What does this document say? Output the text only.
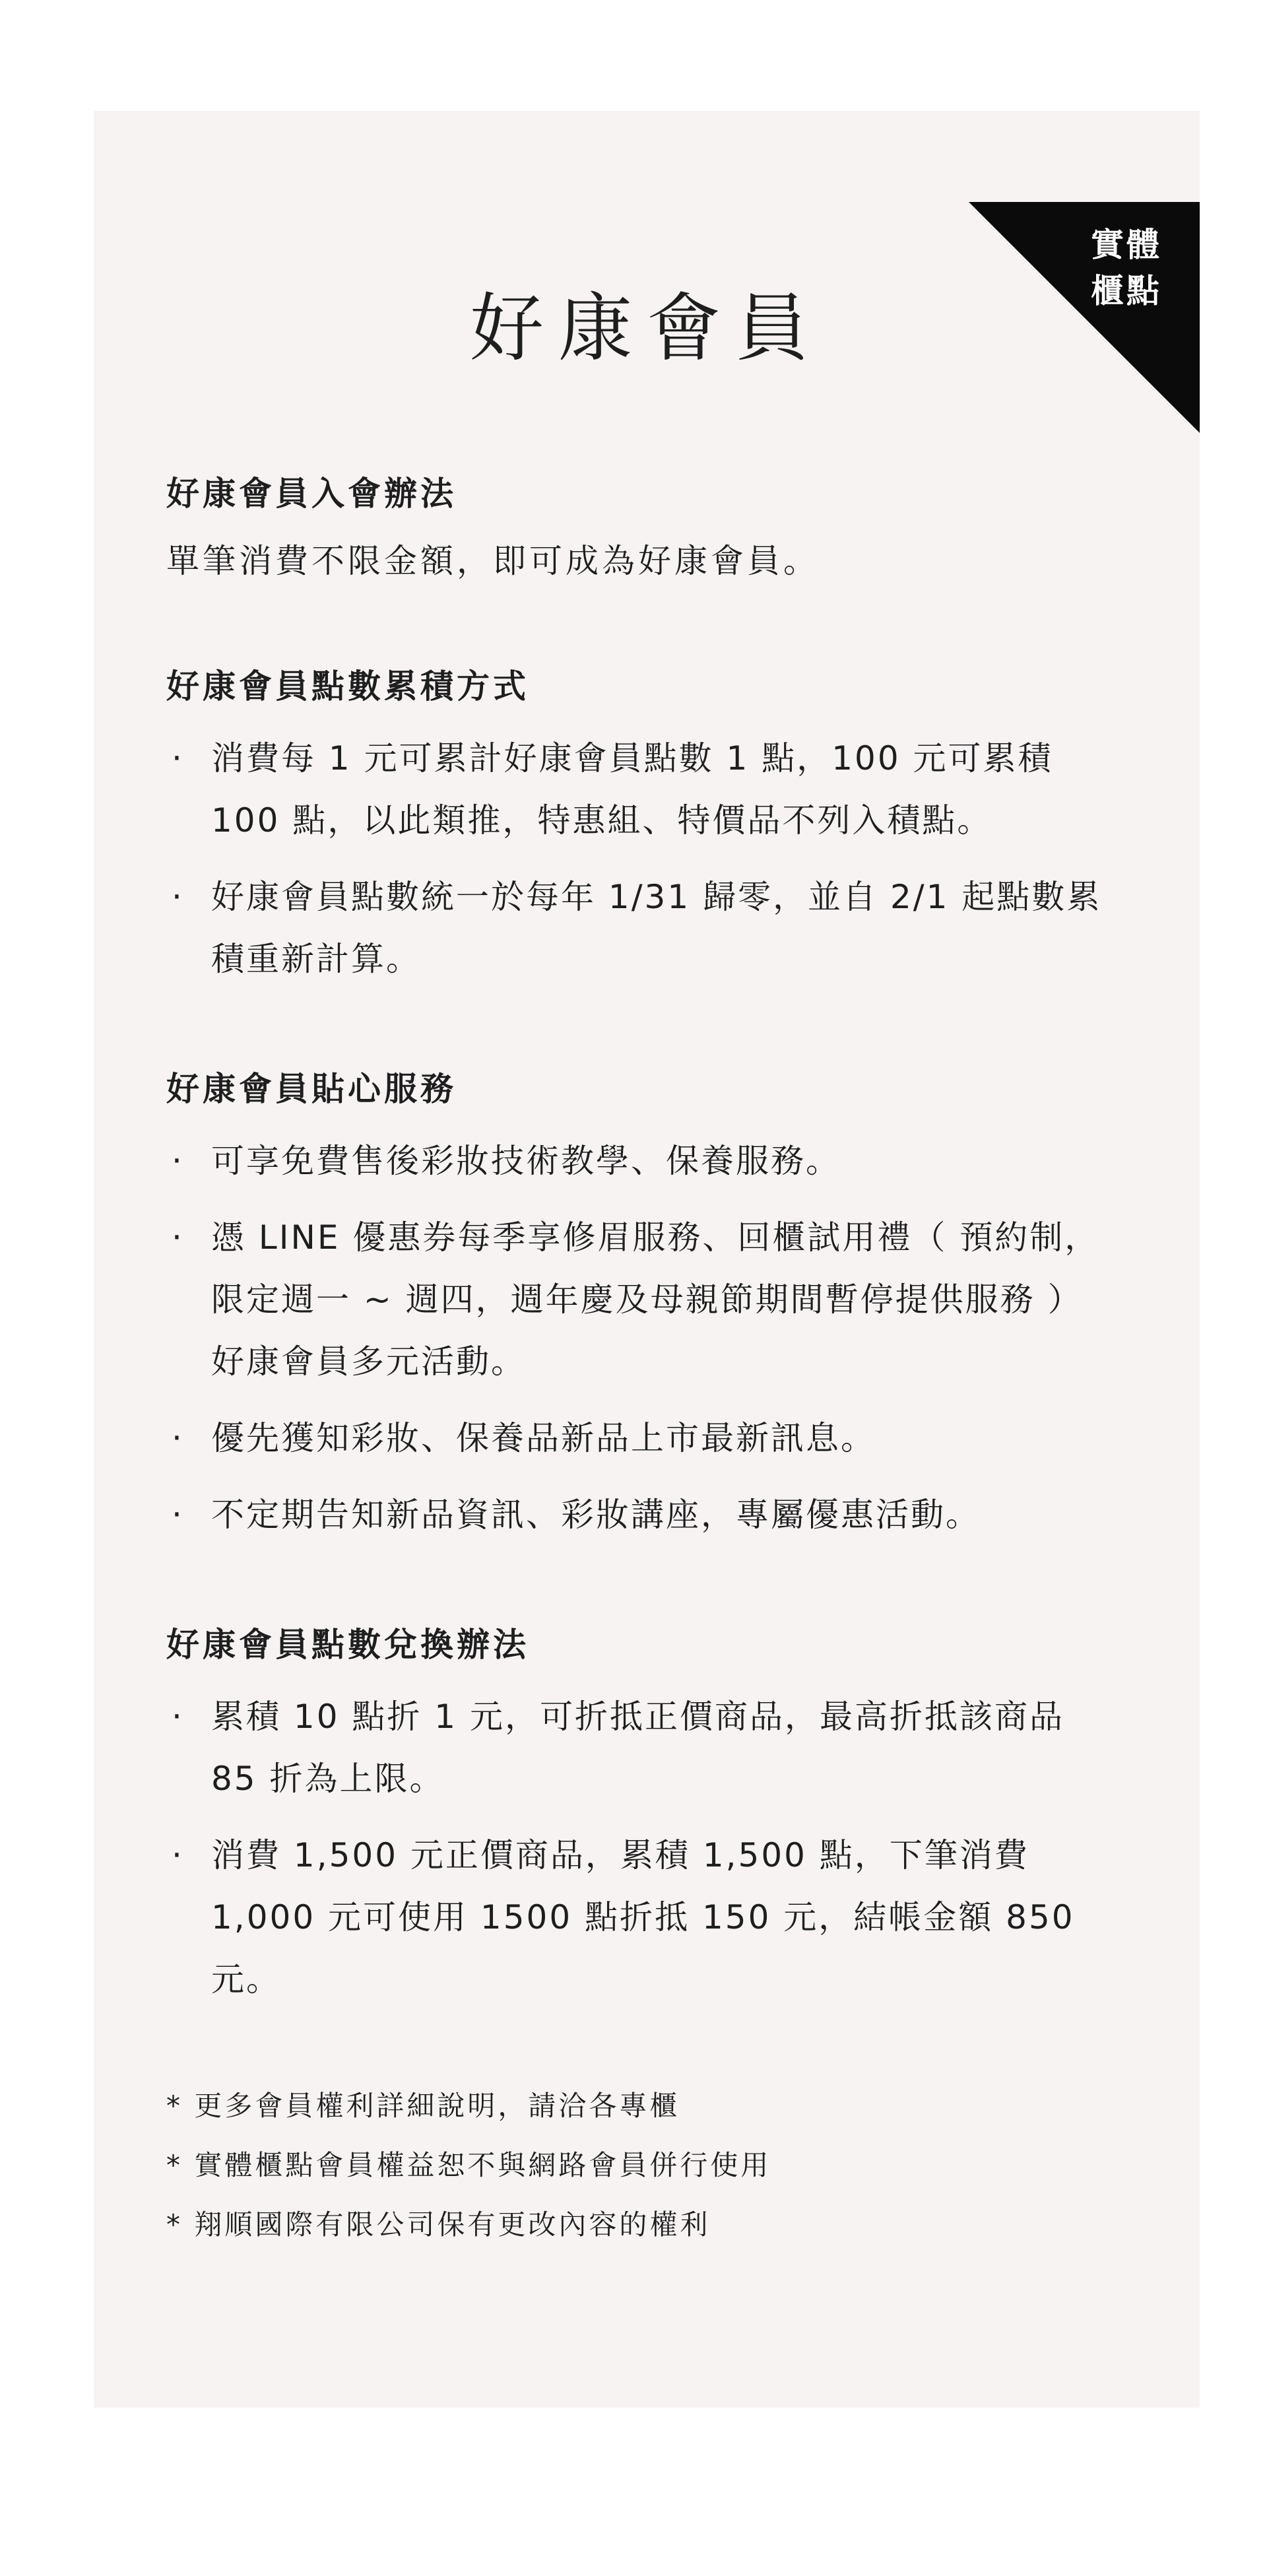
實體
櫃點
好康會員
好康會員入會辦法

單筆消費不限金額，即可成為好康會員。

好康會員點數累積方式
· 消費每 1 元可累計好康會員點數 1 點，100 元可累積 100 點，以此類推，特惠組、特價品不列入積點。
· 好康會員點數統一於每年 1/31 歸零，並自 2/1 起點數累積重新計算。
好康會員貼心服務
· 可享免費售後彩妝技術教學、保養服務。
· 憑 LINE 優惠券每季享修眉服務、回櫃試用禮（ 預約制，限定週一 ~ 週四，週年慶及母親節期間暫停提供服務 ）好康會員多元活動。
· 優先獲知彩妝、保養品新品上市最新訊息。
· 不定期告知新品資訊、彩妝講座，專屬優惠活動。
好康會員點數兌換辦法
· 累積 10 點折 1 元，可折抵正價商品，最高折抵該商品 85 折為上限。
· 消費 1,500 元正價商品，累積 1,500 點，下筆消費 1,000 元可使用 1500 點折抵 150 元，結帳金額 850 元。

* 更多會員權利詳細說明，請洽各專櫃

* 實體櫃點會員權益恕不與網路會員併行使用

* 翔順國際有限公司保有更改內容的權利
